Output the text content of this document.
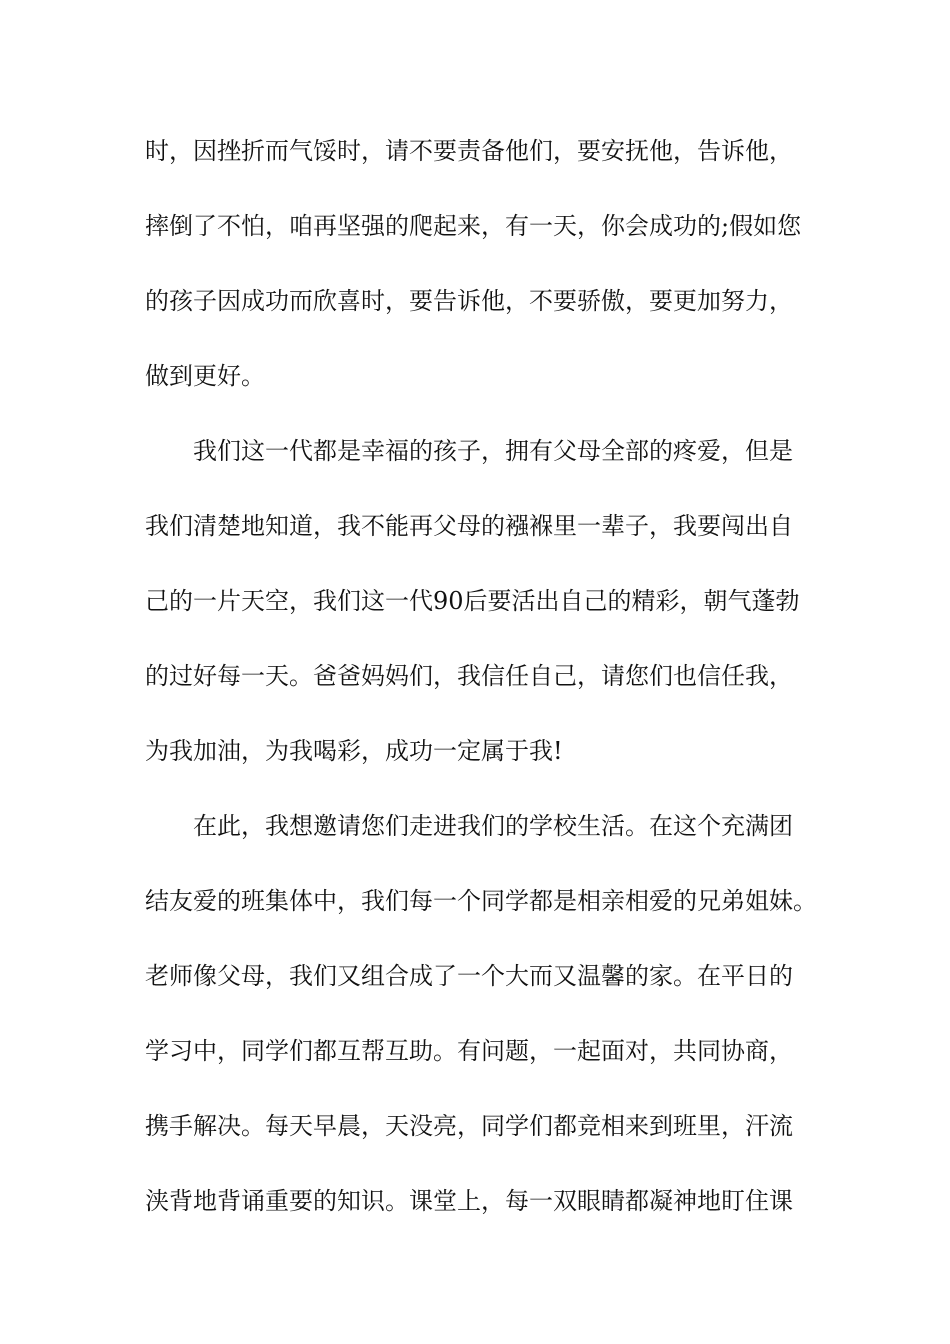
时，因挫折而气馁时，请不要责备他们，要安抚他，告诉他，
摔倒了不怕，咱再坚强的爬起来，有一天，你会成功的;假如您
的孩子因成功而欣喜时，要告诉他，不要骄傲，要更加努力，
做到更好。
我们这一代都是幸福的孩子，拥有父母全部的疼爱，但是
我们清楚地知道，我不能再父母的襁褓里一辈子，我要闯出自
己的一片天空，我们这一代90后要活出自己的精彩，朝气蓬勃
的过好每一天。爸爸妈妈们，我信任自己，请您们也信任我，
为我加油，为我喝彩，成功一定属于我!
在此，我想邀请您们走进我们的学校生活。在这个充满团
结友爱的班集体中，我们每一个同学都是相亲相爱的兄弟姐妹。
老师像父母，我们又组合成了一个大而又温馨的家。在平日的
学习中，同学们都互帮互助。有问题，一起面对，共同协商，
携手解决。每天早晨，天没亮，同学们都竞相来到班里，汗流
浃背地背诵重要的知识。课堂上，每一双眼睛都凝神地盯住课
